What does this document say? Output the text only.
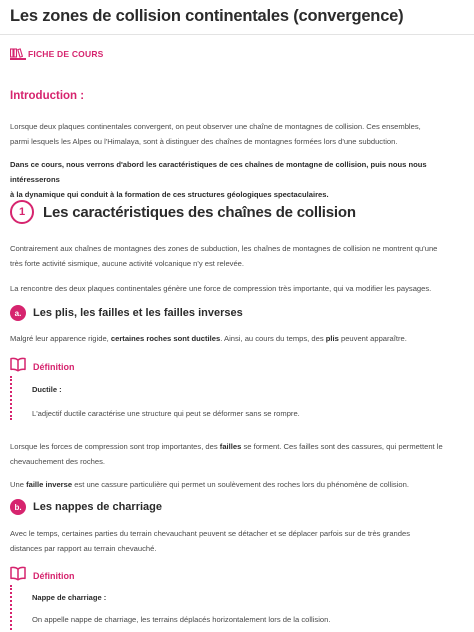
Les zones de collision continentales (convergence)
FICHE DE COURS
Introduction :
Lorsque deux plaques continentales convergent, on peut observer une chaîne de montagnes de collision. Ces ensembles,
parmi lesquels les Alpes ou l'Himalaya, sont à distinguer des chaînes de montagnes formées lors d'une subduction.
Dans ce cours, nous verrons d'abord les caractéristiques de ces chaînes de montagne de collision, puis nous nous intéresserons
à la dynamique qui conduit à la formation de ces structures géologiques spectaculaires.
1	Les caractéristiques des chaînes de collision
Contrairement aux chaînes de montagnes des zones de subduction, les chaînes de montagnes de collision ne montrent qu'une
très forte activité sismique, aucune activité volcanique n'y est relevée.
La rencontre des deux plaques continentales génère une force de compression très importante, qui va modifier les paysages.
a.	Les plis, les failles et les failles inverses
Malgré leur apparence rigide, certaines roches sont ductiles. Ainsi, au cours du temps, des plis peuvent apparaître.
Définition
Ductile :
L'adjectif ductile caractérise une structure qui peut se déformer sans se rompre.
Lorsque les forces de compression sont trop importantes, des failles se forment. Ces failles sont des cassures, qui permettent le
chevauchement des roches.
Une faille inverse est une cassure particulière qui permet un soulèvement des roches lors du phénomène de collision.
b.	Les nappes de charriage
Avec le temps, certaines parties du terrain chevauchant peuvent se détacher et se déplacer parfois sur de très grandes
distances par rapport au terrain chevauché.
Définition
Nappe de charriage :
On appelle nappe de charriage, les terrains déplacés horizontalement lors de la collision.
